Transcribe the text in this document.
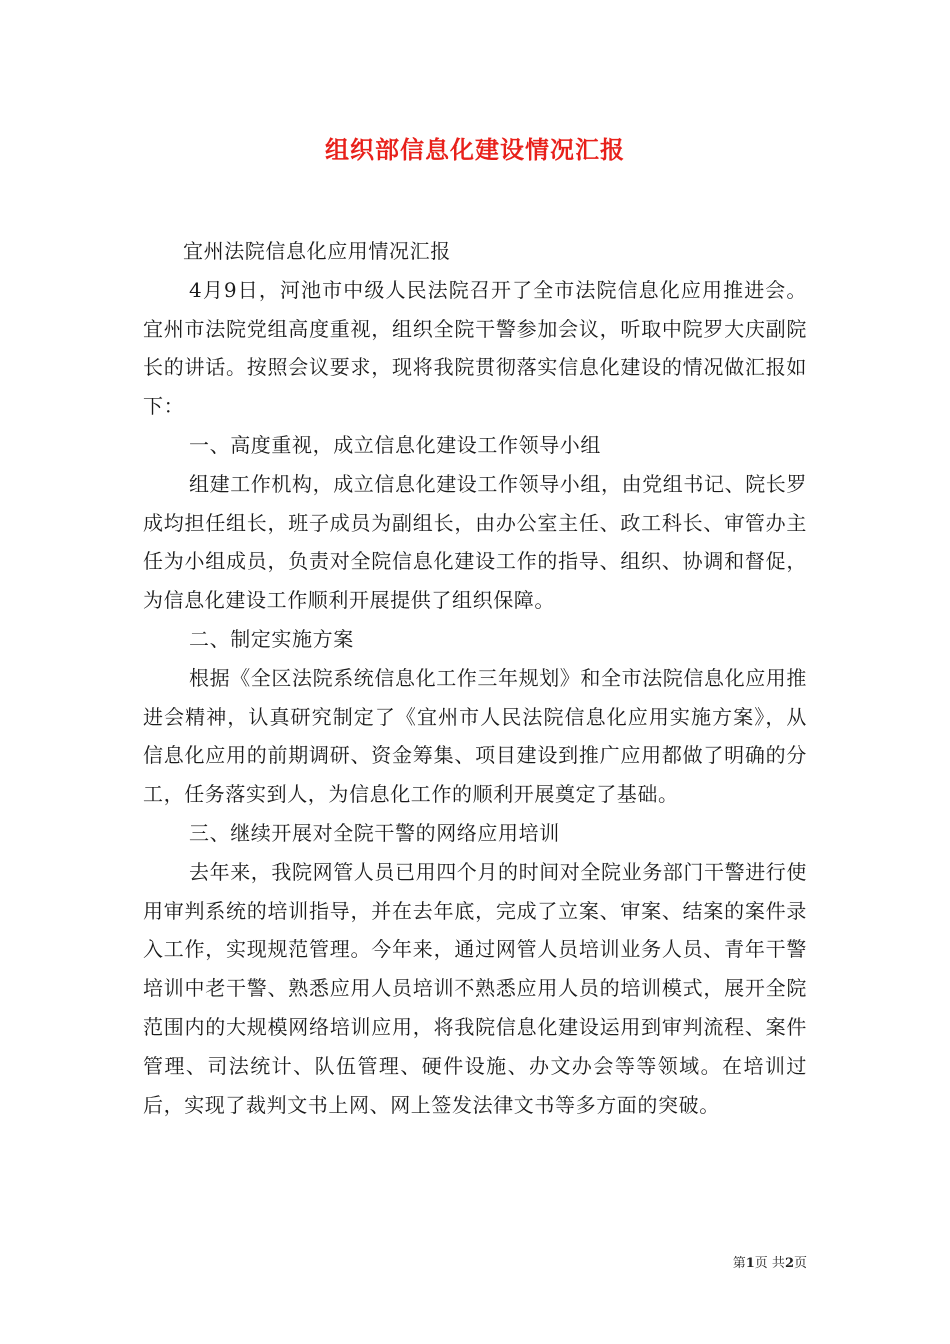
组织部信息化建设情况汇报

宜州法院信息化应用情况汇报

4月9日，河池市中级人民法院召开了全市法院信息化应用推进会。宜州市法院党组高度重视，组织全院干警参加会议，听取中院罗大庆副院长的讲话。按照会议要求，现将我院贯彻落实信息化建设的情况做汇报如下：

一、高度重视，成立信息化建设工作领导小组

组建工作机构，成立信息化建设工作领导小组，由党组书记、院长罗成均担任组长，班子成员为副组长，由办公室主任、政工科长、审管办主任为小组成员，负责对全院信息化建设工作的指导、组织、协调和督促，为信息化建设工作顺利开展提供了组织保障。

二、制定实施方案

根据《全区法院系统信息化工作三年规划》和全市法院信息化应用推进会精神，认真研究制定了《宜州市人民法院信息化应用实施方案》，从信息化应用的前期调研、资金筹集、项目建设到推广应用都做了明确的分工，任务落实到人，为信息化工作的顺利开展奠定了基础。

三、继续开展对全院干警的网络应用培训

去年来，我院网管人员已用四个月的时间对全院业务部门干警进行使用审判系统的培训指导，并在去年底，完成了立案、审案、结案的案件录入工作，实现规范管理。今年来，通过网管人员培训业务人员、青年干警培训中老干警、熟悉应用人员培训不熟悉应用人员的培训模式，展开全院范围内的大规模网络培训应用，将我院信息化建设运用到审判流程、案件管理、司法统计、队伍管理、硬件设施、办文办会等等领域。在培训过后，实现了裁判文书上网、网上签发法律文书等多方面的突破。

第1页 共2页
